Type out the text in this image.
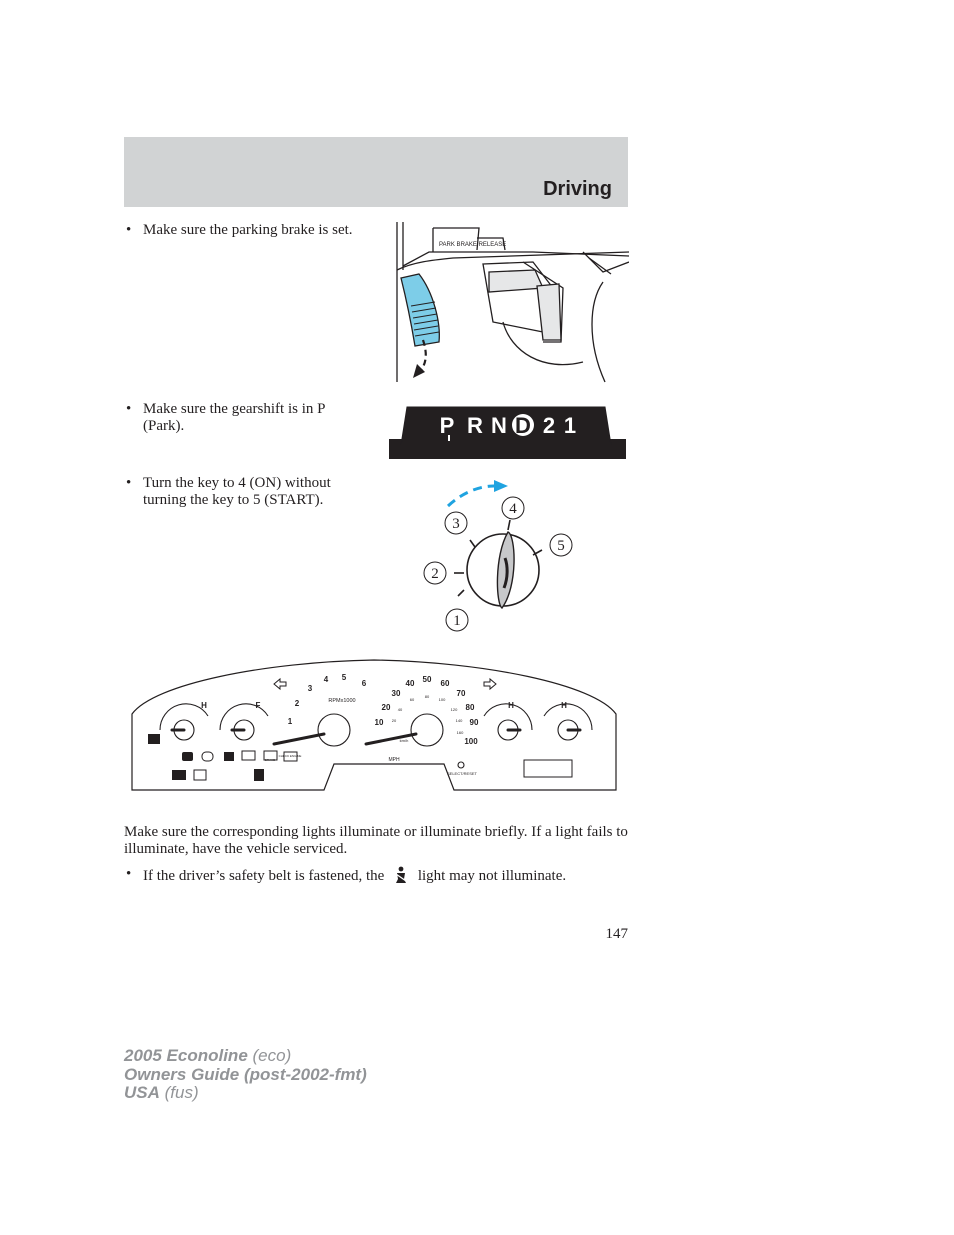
Driving
• Make sure the parking brake is set.
• Make sure the gearshift is in P (Park).
• Turn the key to 4 (ON) without turning the key to 5 (START).
PARK BRAKE RELEASE
P R N D 2 1
1
2
3
4
5
1
2
3
4 5
6
RPMx1000
10
20
30
40 50 60
70
80
90
100
20
40
60
80
100
120
140
160
km/h
MPH
SELECT/RESET
H	F	H	H
BRAKE
CHECK ENGINE
Make sure the corresponding lights illuminate or illuminate briefly. If a light fails to illuminate, have the vehicle serviced.
• If the driver’s safety belt is fastened, the light may not illuminate.
147
2005 Econoline (eco)
Owners Guide (post-2002-fmt)
USA (fus)
